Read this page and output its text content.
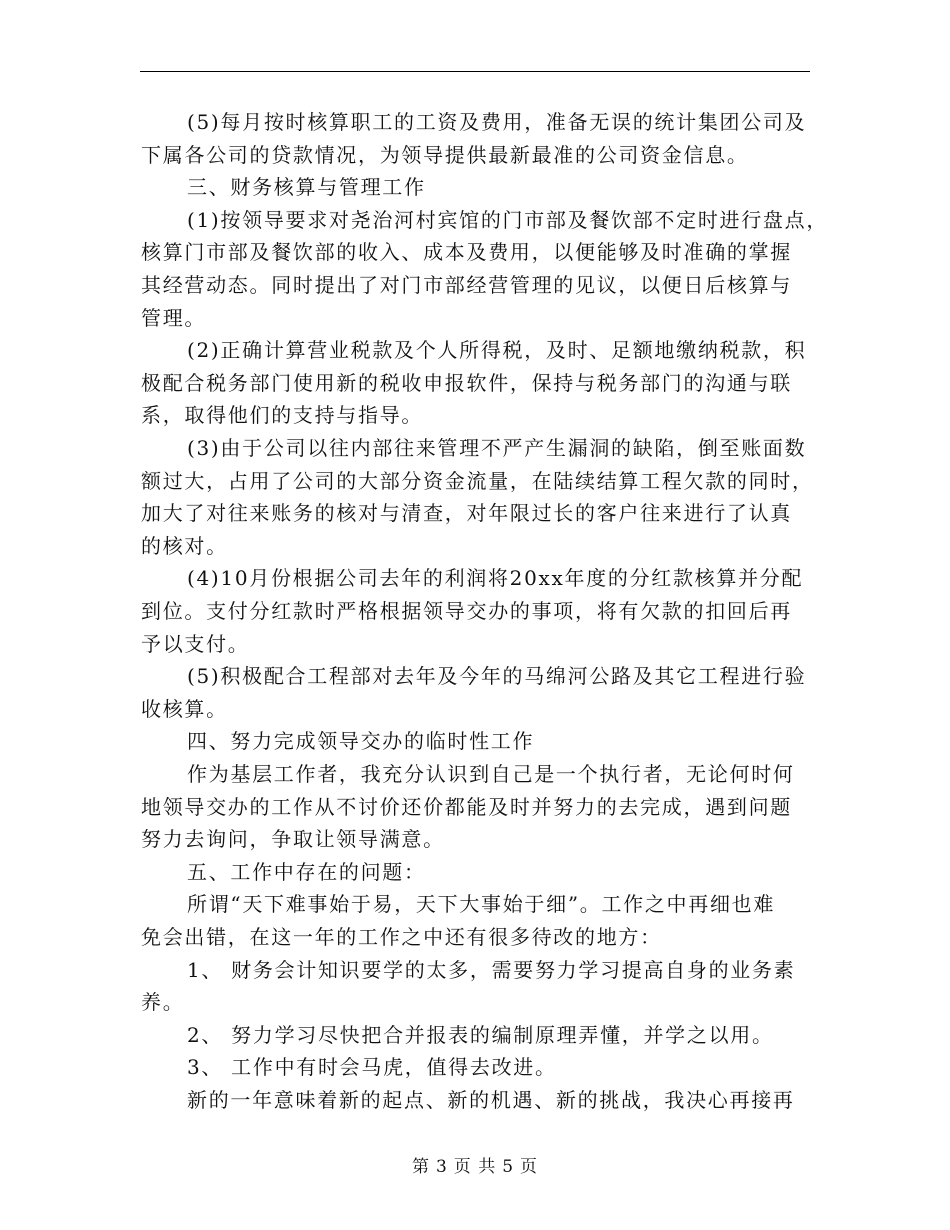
(5)每月按时核算职工的工资及费用，准备无误的统计集团公司及
下属各公司的贷款情况，为领导提供最新最准的公司资金信息。
三、财务核算与管理工作
(1)按领导要求对尧治河村宾馆的门市部及餐饮部不定时进行盘点，
核算门市部及餐饮部的收入、成本及费用，以便能够及时准确的掌握
其经营动态。同时提出了对门市部经营管理的见议，以便日后核算与
管理。
(2)正确计算营业税款及个人所得税，及时、足额地缴纳税款，积
极配合税务部门使用新的税收申报软件，保持与税务部门的沟通与联
系，取得他们的支持与指导。
(3)由于公司以往内部往来管理不严产生漏洞的缺陷，倒至账面数
额过大，占用了公司的大部分资金流量，在陆续结算工程欠款的同时，
加大了对往来账务的核对与清查，对年限过长的客户往来进行了认真
的核对。
(4)10月份根据公司去年的利润将20xx年度的分红款核算并分配
到位。支付分红款时严格根据领导交办的事项，将有欠款的扣回后再
予以支付。
(5)积极配合工程部对去年及今年的马绵河公路及其它工程进行验
收核算。
四、努力完成领导交办的临时性工作
作为基层工作者，我充分认识到自己是一个执行者，无论何时何
地领导交办的工作从不讨价还价都能及时并努力的去完成，遇到问题
努力去询问，争取让领导满意。
五、工作中存在的问题：
所谓“天下难事始于易，天下大事始于细”。工作之中再细也难
免会出错，在这一年的工作之中还有很多待改的地方：
1、 财务会计知识要学的太多，需要努力学习提高自身的业务素
养。
2、 努力学习尽快把合并报表的编制原理弄懂，并学之以用。
3、 工作中有时会马虎，值得去改进。
新的一年意味着新的起点、新的机遇、新的挑战，我决心再接再
第 3 页 共 5 页
